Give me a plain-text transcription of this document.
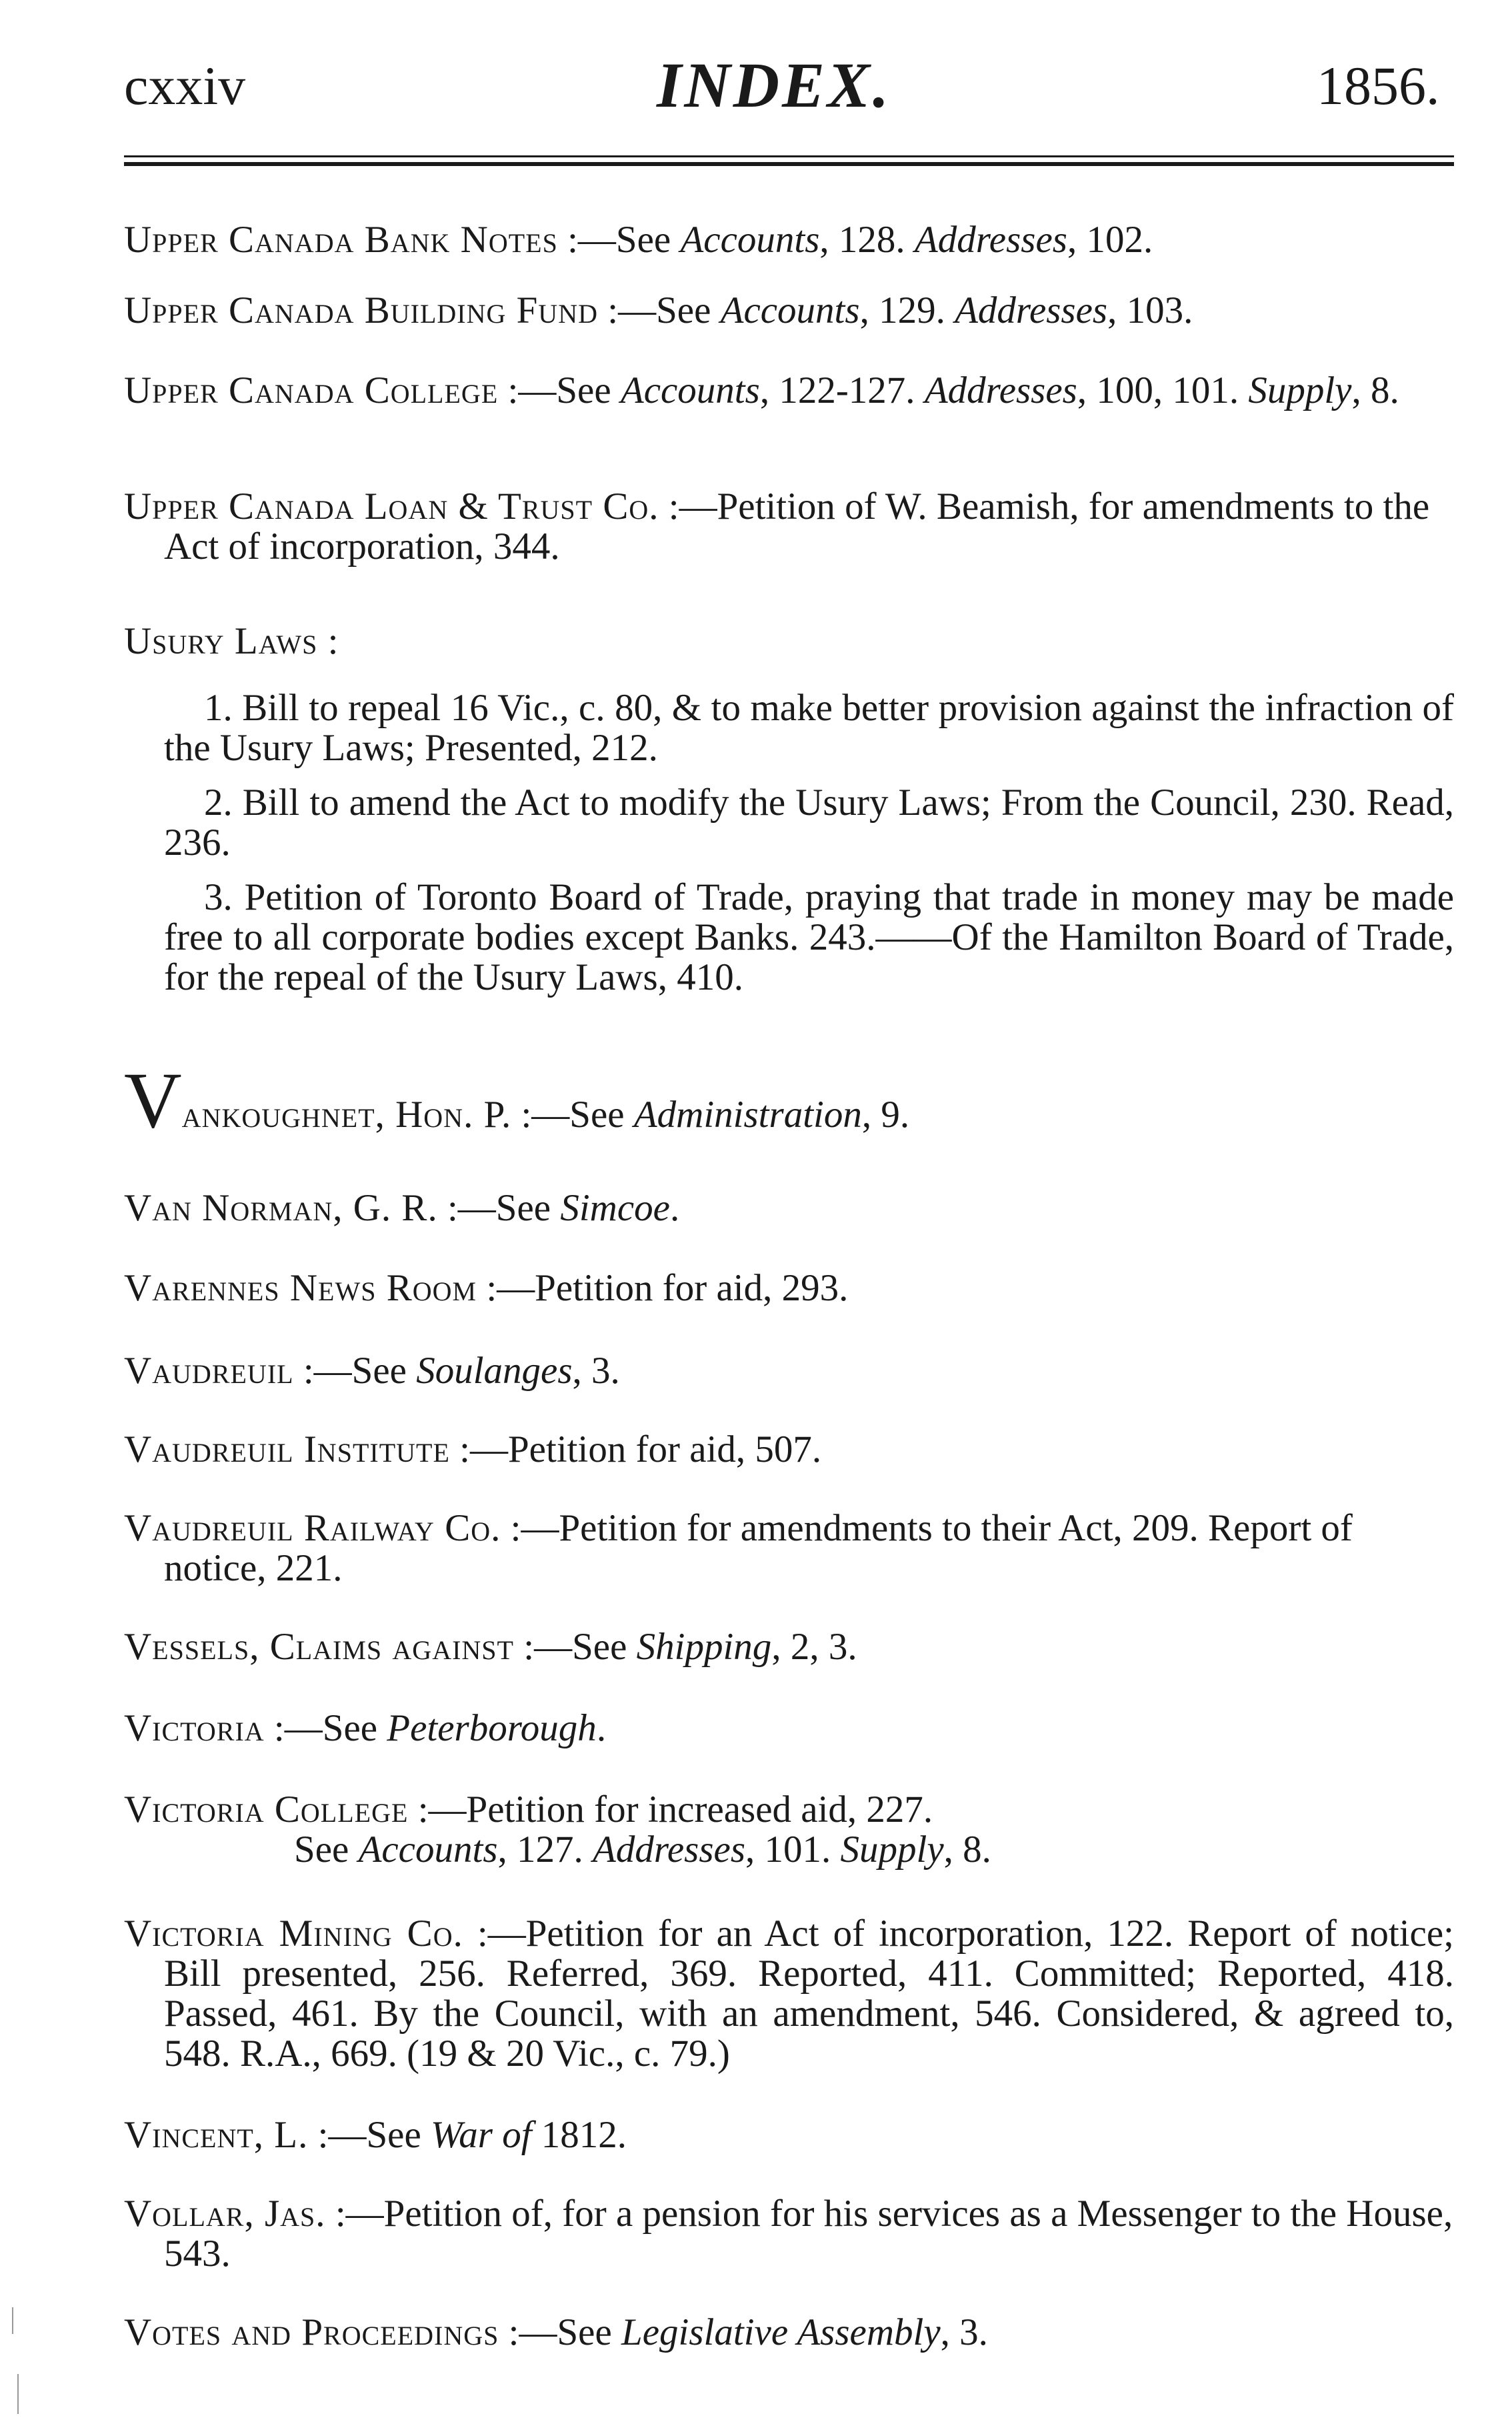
cxxiv	INDEX.	1856.

Upper Canada Bank Notes :—See Accounts, 128. Addresses, 102.

Upper Canada Building Fund :—See Accounts, 129. Addresses, 103.

Upper Canada College :—See Accounts, 122-127. Addresses, 100, 101. Supply, 8.

Upper Canada Loan & Trust Co. :—Petition of W. Beamish, for amendments to the Act of incorporation, 344.

Usury Laws :

1. Bill to repeal 16 Vic., c. 80, & to make better provision against the infraction of the Usury Laws; Presented, 212.

2. Bill to amend the Act to modify the Usury Laws; From the Council, 230. Read, 236.

3. Petition of Toronto Board of Trade, praying that trade in money may be made free to all corporate bodies except Banks. 243.——Of the Hamilton Board of Trade, for the repeal of the Usury Laws, 410.

Vankoughnet, Hon. P. :—See Administration, 9.

Van Norman, G. R. :—See Simcoe.

Varennes News Room :—Petition for aid, 293.

Vaudreuil :—See Soulanges, 3.

Vaudreuil Institute :—Petition for aid, 507.

Vaudreuil Railway Co. :—Petition for amendments to their Act, 209. Report of notice, 221.

Vessels, Claims against :—See Shipping, 2, 3.

Victoria :—See Peterborough.

Victoria College :—Petition for increased aid, 227.

See Accounts, 127. Addresses, 101. Supply, 8.

Victoria Mining Co. :—Petition for an Act of incorporation, 122. Report of notice; Bill presented, 256. Referred, 369. Reported, 411. Committed; Reported, 418. Passed, 461. By the Council, with an amendment, 546. Considered, & agreed to, 548. R.A., 669. (19 & 20 Vic., c. 79.)

Vincent, L. :—See War of 1812.

Vollar, Jas. :—Petition of, for a pension for his services as a Messenger to the House, 543.

Votes and Proceedings :—See Legislative Assembly, 3.
